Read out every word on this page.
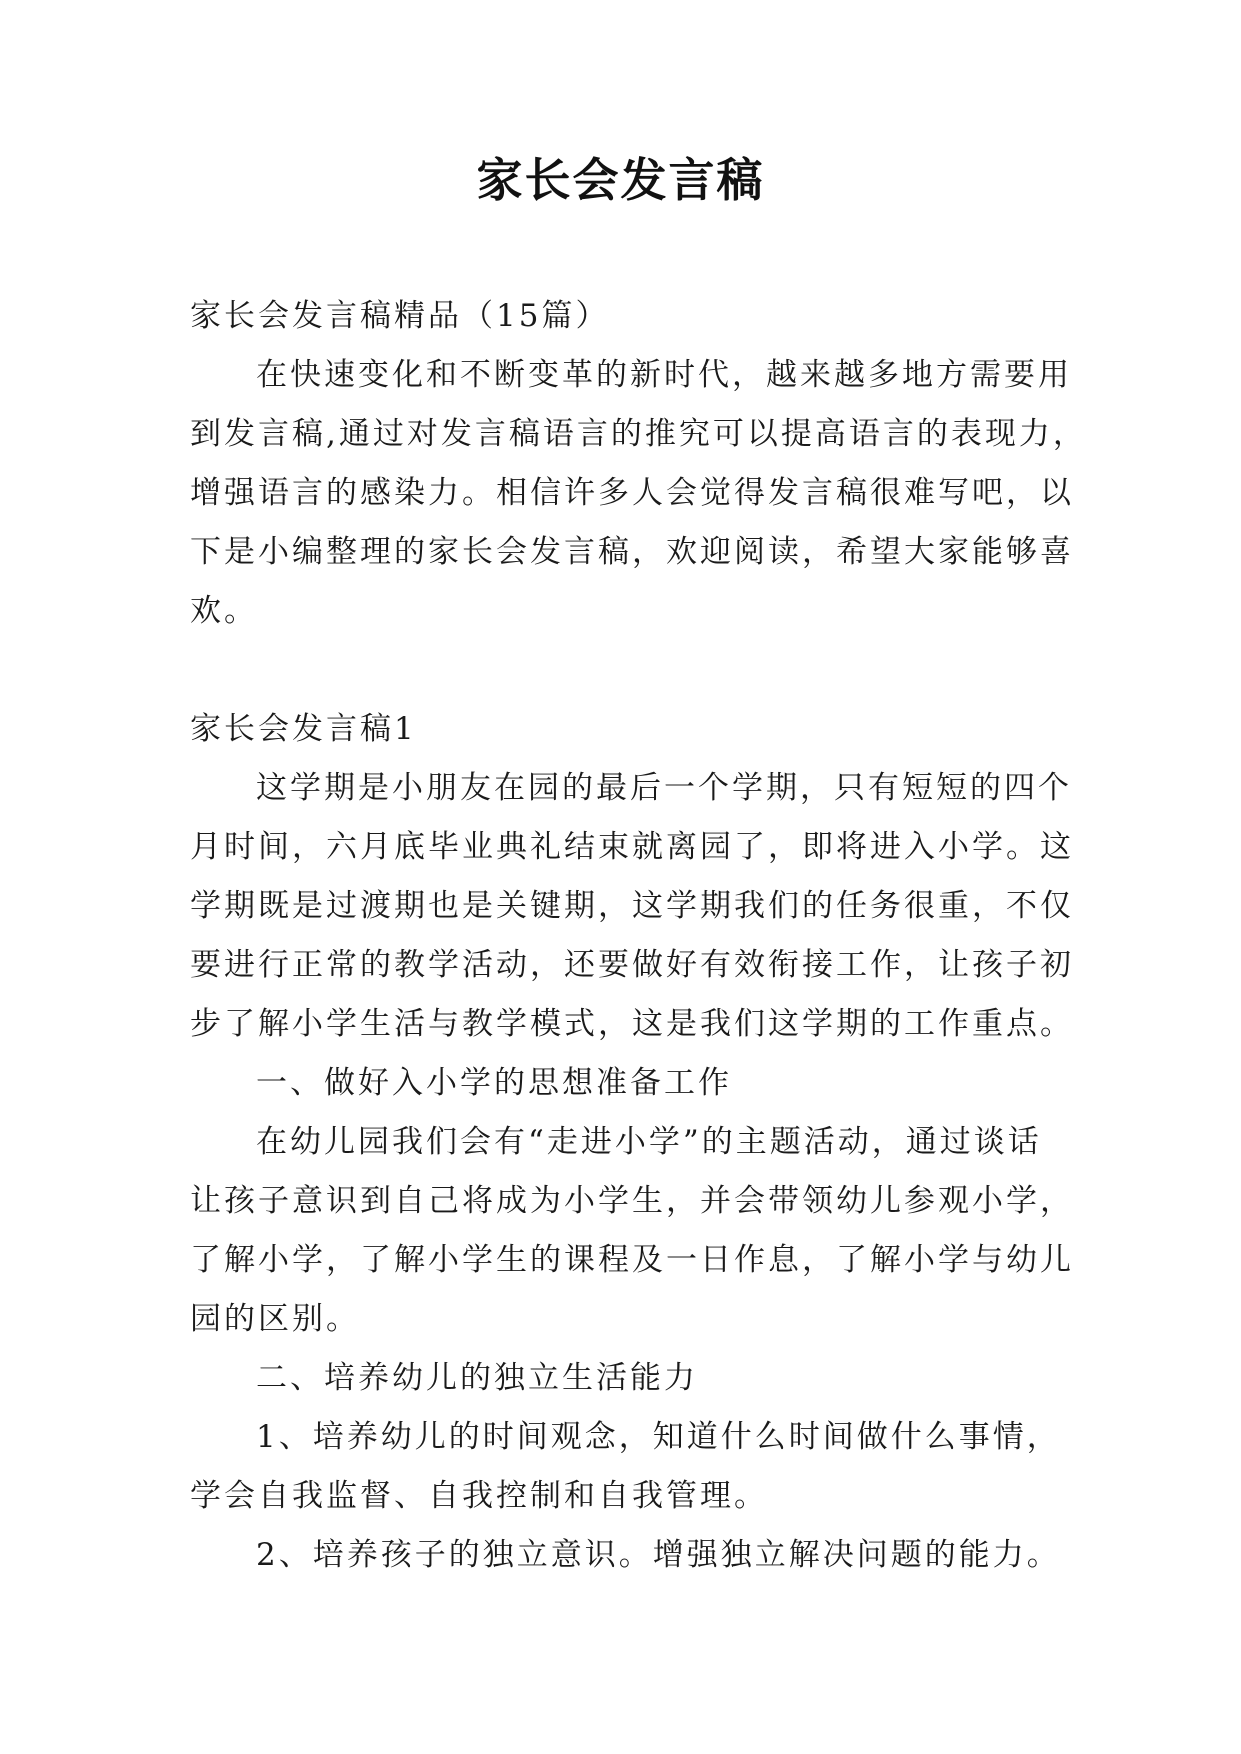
家长会发言稿
家长会发言稿精品（15篇）
在快速变化和不断变革的新时代，越来越多地方需要用
到发言稿,通过对发言稿语言的推究可以提高语言的表现力，
增强语言的感染力。相信许多人会觉得发言稿很难写吧，以
下是小编整理的家长会发言稿，欢迎阅读，希望大家能够喜
欢。
家长会发言稿1
这学期是小朋友在园的最后一个学期，只有短短的四个
月时间，六月底毕业典礼结束就离园了，即将进入小学。这
学期既是过渡期也是关键期，这学期我们的任务很重，不仅
要进行正常的教学活动，还要做好有效衔接工作，让孩子初
步了解小学生活与教学模式，这是我们这学期的工作重点。
一、做好入小学的思想准备工作
在幼儿园我们会有“走进小学”的主题活动，通过谈话
让孩子意识到自己将成为小学生，并会带领幼儿参观小学，
了解小学，了解小学生的课程及一日作息，了解小学与幼儿
园的区别。
二、培养幼儿的独立生活能力
1、培养幼儿的时间观念，知道什么时间做什么事情，
学会自我监督、自我控制和自我管理。
2、培养孩子的独立意识。增强独立解决问题的能力。
